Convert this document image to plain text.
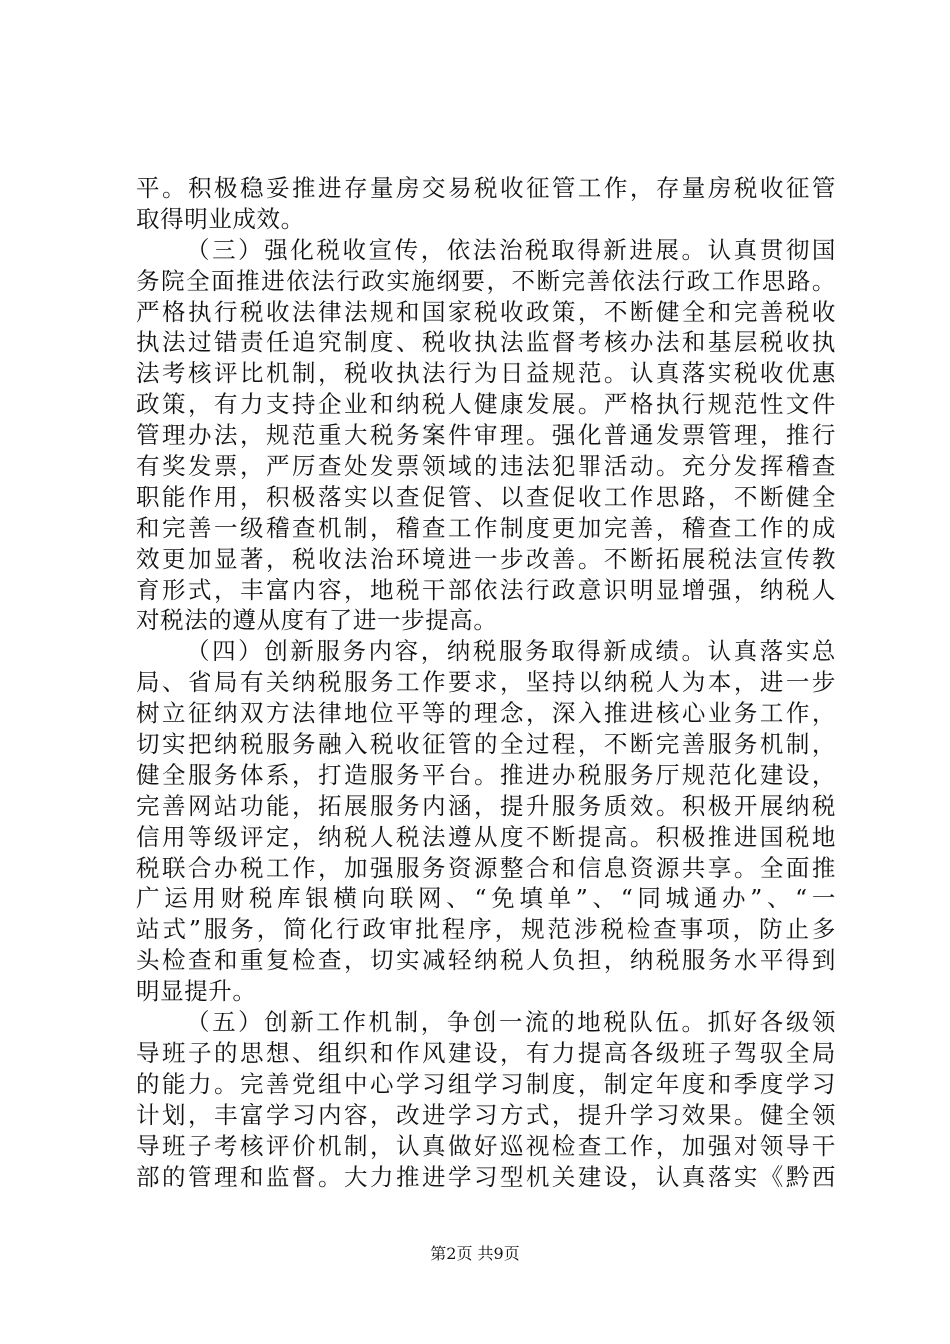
平。积极稳妥推进存量房交易税收征管工作，存量房税收征管
取得明业成效。
（三）强化税收宣传，依法治税取得新进展。认真贯彻国
务院全面推进依法行政实施纲要，不断完善依法行政工作思路。
严格执行税收法律法规和国家税收政策，不断健全和完善税收
执法过错责任追究制度、税收执法监督考核办法和基层税收执
法考核评比机制，税收执法行为日益规范。认真落实税收优惠
政策，有力支持企业和纳税人健康发展。严格执行规范性文件
管理办法，规范重大税务案件审理。强化普通发票管理，推行
有奖发票，严厉查处发票领域的违法犯罪活动。充分发挥稽查
职能作用，积极落实以查促管、以查促收工作思路，不断健全
和完善一级稽查机制，稽查工作制度更加完善，稽查工作的成
效更加显著，税收法治环境进一步改善。不断拓展税法宣传教
育形式，丰富内容，地税干部依法行政意识明显增强，纳税人
对税法的遵从度有了进一步提高。
（四）创新服务内容，纳税服务取得新成绩。认真落实总
局、省局有关纳税服务工作要求，坚持以纳税人为本，进一步
树立征纳双方法律地位平等的理念，深入推进核心业务工作，
切实把纳税服务融入税收征管的全过程，不断完善服务机制，
健全服务体系，打造服务平台。推进办税服务厅规范化建设，
完善网站功能，拓展服务内涵，提升服务质效。积极开展纳税
信用等级评定，纳税人税法遵从度不断提高。积极推进国税地
税联合办税工作，加强服务资源整合和信息资源共享。全面推
广运用财税库银横向联网、“免填单”、“同城通办”、“一
站式”服务，简化行政审批程序，规范涉税检查事项，防止多
头检查和重复检查，切实减轻纳税人负担，纳税服务水平得到
明显提升。
（五）创新工作机制，争创一流的地税队伍。抓好各级领
导班子的思想、组织和作风建设，有力提高各级班子驾驭全局
的能力。完善党组中心学习组学习制度，制定年度和季度学习
计划，丰富学习内容，改进学习方式，提升学习效果。健全领
导班子考核评价机制，认真做好巡视检查工作，加强对领导干
部的管理和监督。大力推进学习型机关建设，认真落实《黔西
第2页 共9页
